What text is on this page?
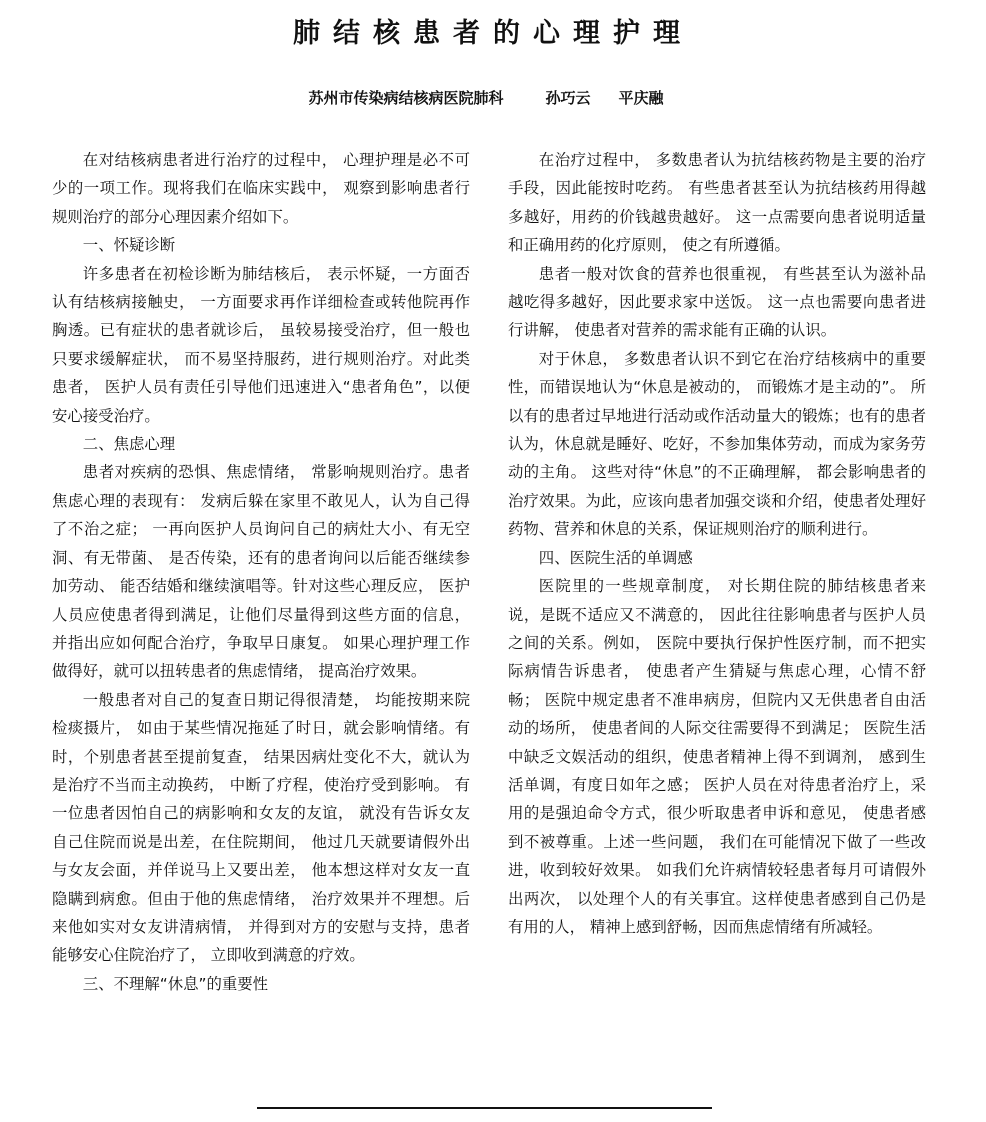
肺结核患者的心理护理
苏州市传染病结核病医院肺科	孙巧云 平庆融

在对结核病患者进行治疗的过程中， 心理护理是必不可少的一项工作。现将我们在临床实践中， 观察到影响患者行规则治疗的部分心理因素介绍如下。

一、怀疑诊断

许多患者在初检诊断为肺结核后， 表示怀疑，一方面否认有结核病接触史， 一方面要求再作详细检查或转他院再作胸透。已有症状的患者就诊后， 虽较易接受治疗，但一般也只要求缓解症状， 而不易坚持服药，进行规则治疗。对此类患者， 医护人员有责任引导他们迅速进入“患者角色”，以便安心接受治疗。

二、焦虑心理

患者对疾病的恐惧、焦虑情绪， 常影响规则治疗。患者焦虑心理的表现有： 发病后躲在家里不敢见人，认为自己得了不治之症； 一再向医护人员询问自己的病灶大小、有无空洞、有无带菌、 是否传染，还有的患者询问以后能否继续参加劳动、 能否结婚和继续演唱等。针对这些心理反应， 医护人员应使患者得到满足，让他们尽量得到这些方面的信息， 并指出应如何配合治疗，争取早日康复。 如果心理护理工作做得好，就可以扭转患者的焦虑情绪， 提高治疗效果。

一般患者对自己的复查日期记得很清楚， 均能按期来院检痰摄片， 如由于某些情况拖延了时日，就会影响情绪。有时，个别患者甚至提前复查， 结果因病灶变化不大，就认为是治疗不当而主动换药， 中断了疗程，使治疗受到影响。 有一位患者因怕自己的病影响和女友的友谊， 就没有告诉女友自己住院而说是出差，在住院期间， 他过几天就要请假外出与女友会面，并佯说马上又要出差， 他本想这样对女友一直隐瞒到病愈。但由于他的焦虑情绪， 治疗效果并不理想。后来他如实对女友讲清病情， 并得到对方的安慰与支持，患者能够安心住院治疗了， 立即收到满意的疗效。

三、不理解“休息”的重要性

在治疗过程中， 多数患者认为抗结核药物是主要的治疗手段，因此能按时吃药。 有些患者甚至认为抗结核药用得越多越好，用药的价钱越贵越好。 这一点需要向患者说明适量和正确用药的化疗原则， 使之有所遵循。

患者一般对饮食的营养也很重视， 有些甚至认为滋补品越吃得多越好，因此要求家中送饭。 这一点也需要向患者进行讲解， 使患者对营养的需求能有正确的认识。

对于休息， 多数患者认识不到它在治疗结核病中的重要性，而错误地认为“休息是被动的， 而锻炼才是主动的”。 所以有的患者过早地进行活动或作活动量大的锻炼；也有的患者认为，休息就是睡好、吃好，不参加集体劳动，而成为家务劳动的主角。 这些对待“休息”的不正确理解， 都会影响患者的治疗效果。为此，应该向患者加强交谈和介绍，使患者处理好药物、营养和休息的关系，保证规则治疗的顺利进行。

四、医院生活的单调感

医院里的一些规章制度， 对长期住院的肺结核患者来说，是既不适应又不满意的， 因此往往影响患者与医护人员之间的关系。例如， 医院中要执行保护性医疗制，而不把实际病情告诉患者， 使患者产生猜疑与焦虑心理，心情不舒畅； 医院中规定患者不准串病房，但院内又无供患者自由活动的场所， 使患者间的人际交往需要得不到满足； 医院生活中缺乏文娱活动的组织，使患者精神上得不到调剂， 感到生活单调，有度日如年之感； 医护人员在对待患者治疗上，采用的是强迫命令方式，很少听取患者申诉和意见， 使患者感到不被尊重。上述一些问题， 我们在可能情况下做了一些改进，收到较好效果。 如我们允许病情较轻患者每月可请假外出两次， 以处理个人的有关事宜。这样使患者感到自己仍是有用的人， 精神上感到舒畅，因而焦虑情绪有所减轻。
